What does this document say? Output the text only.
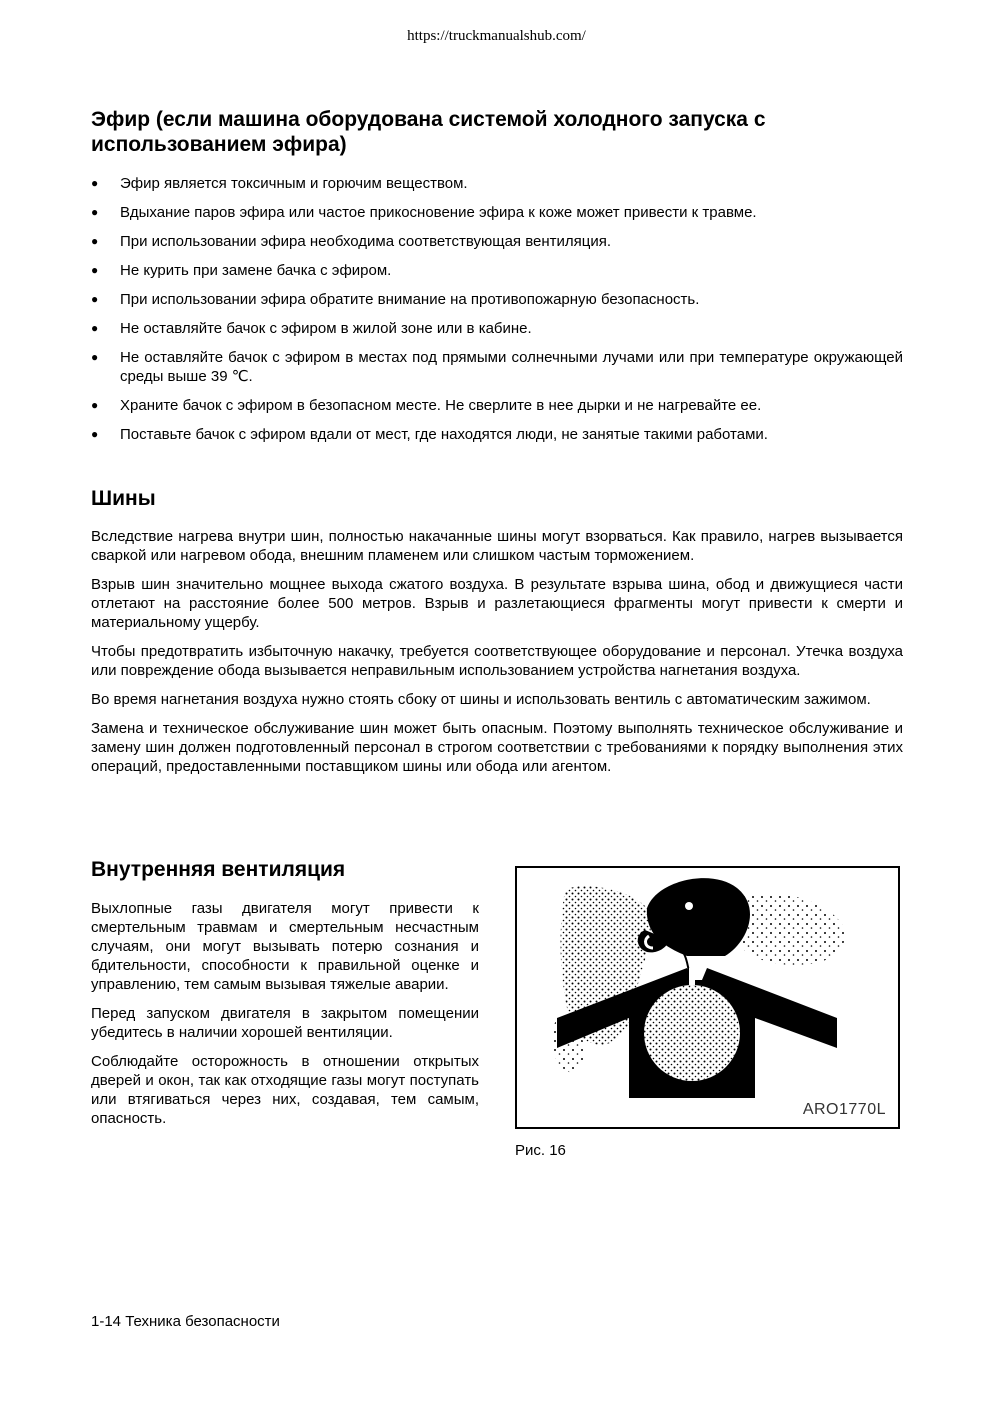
https://truckmanualshub.com/
Эфир (если машина оборудована системой холодного запуска с использованием эфира)
● Эфир является токсичным и горючим веществом.
● Вдыхание паров эфира или частое прикосновение эфира к коже может привести к травме.
● При использовании эфира необходима соответствующая вентиляция.
● Не курить при замене бачка с эфиром.
● При использовании эфира обратите внимание на противопожарную безопасность.
● Не оставляйте бачок с эфиром в жилой зоне или в кабине.
● Не оставляйте бачок с эфиром в местах под прямыми солнечными лучами или при температуре окружающей среды выше 39 ℃.
● Храните бачок с эфиром в безопасном месте. Не сверлите в нее дырки и не нагревайте ее.
● Поставьте бачок с эфиром вдали от мест, где находятся люди, не занятые такими работами.
Шины

Вследствие нагрева внутри шин, полностью накачанные шины могут взорваться. Как правило, нагрев вызывается сваркой или нагревом обода, внешним пламенем или слишком частым торможением.

Взрыв шин значительно мощнее выхода сжатого воздуха. В результате взрыва шина, обод и движущиеся части отлетают на расстояние более 500 метров. Взрыв и разлетающиеся фрагменты могут привести к смерти и материальному ущербу.

Чтобы предотвратить избыточную накачку, требуется соответствующее оборудование и персонал. Утечка воздуха или повреждение обода вызывается неправильным использованием устройства нагнетания воздуха.

Во время нагнетания воздуха нужно стоять сбоку от шины и использовать вентиль с автоматическим зажимом.

Замена и техническое обслуживание шин может быть опасным. Поэтому выполнять техническое обслуживание и замену шин должен подготовленный персонал в строгом соответствии с требованиями к порядку выполнения этих операций, предоставленными поставщиком шины или обода или агентом.

Внутренняя вентиляция

Выхлопные газы двигателя могут привести к смертельным травмам и смертельным несчастным случаям, они могут вызывать потерю сознания и бдительности, способности к правильной оценке и управлению, тем самым вызывая тяжелые аварии.

Перед запуском двигателя в закрытом помещении убедитесь в наличии хорошей вентиляции.

Соблюдайте осторожность в отношении открытых дверей и окон, так как отходящие газы могут поступать или втягиваться через них, создавая, тем самым, опасность.

ARO1770L
Рис. 16
1-14 Техника безопасности
